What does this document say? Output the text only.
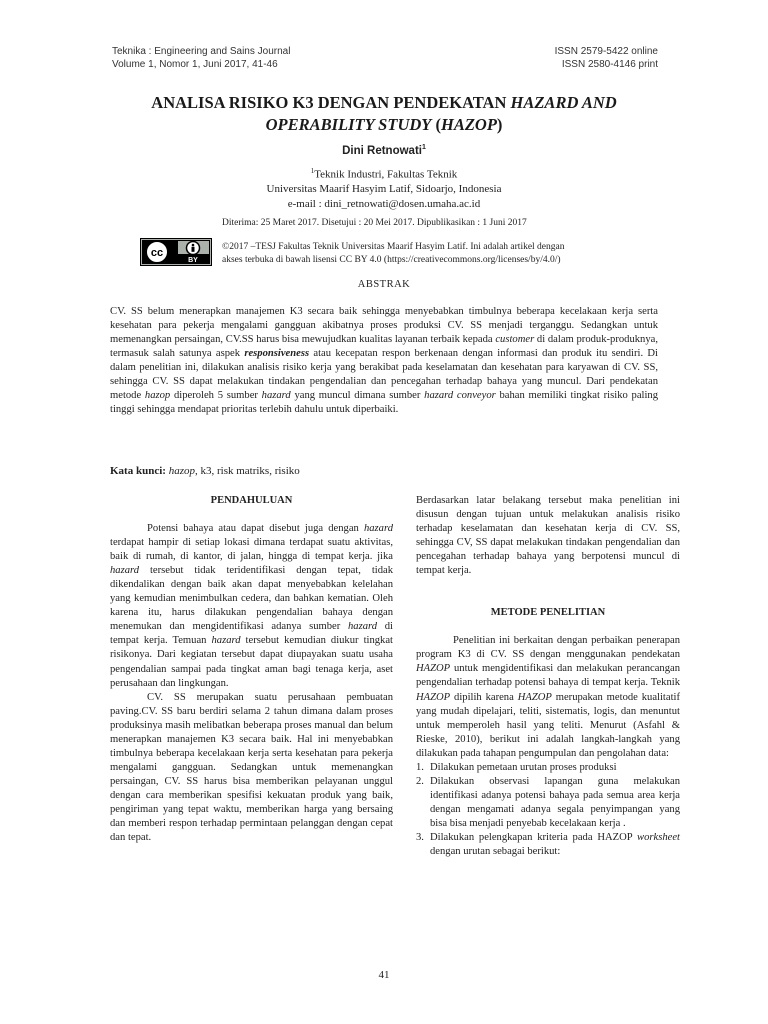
Teknika : Engineering and Sains Journal
Volume 1, Nomor 1, Juni 2017, 41-46
ISSN 2579-5422 online
ISSN 2580-4146 print
ANALISA RISIKO K3 DENGAN PENDEKATAN HAZARD AND
OPERABILITY STUDY (HAZOP)
Dini Retnowati$^1$
$^1$Teknik Industri, Fakultas Teknik
Universitas Maarif Hasyim Latif, Sidoarjo, Indonesia
e-mail : dini_retnowati@dosen.umaha.ac.id
Diterima: 25 Maret 2017. Disetujui : 20 Mei 2017. Dipublikasikan : 1 Juni 2017
cc
BY
©2017 –TESJ Fakultas Teknik Universitas Maarif Hasyim Latif. Ini adalah artikel dengan
akses terbuka di bawah lisensi CC BY 4.0 (https://creativecommons.org/licenses/by/4.0/)
ABSTRAK
CV. SS belum menerapkan manajemen K3 secara baik sehingga menyebabkan timbulnya beberapa kecelakaan kerja serta kesehatan para pekerja mengalami gangguan akibatnya proses produksi CV. SS menjadi terganggu. Sedangkan untuk memenangkan persaingan, CV.SS harus bisa mewujudkan kualitas layanan terbaik kepada customer di dalam produk-produknya, termasuk salah satunya aspek responsiveness atau kecepatan respon berkenaan dengan informasi dan produk itu sendiri. Di dalam penelitian ini, dilakukan analisis risiko kerja yang berakibat pada keselamatan dan kesehatan para karyawan di CV. SS, sehingga CV. SS dapat melakukan tindakan pengendalian dan pencegahan terhadap bahaya yang muncul. Dari pendekatan metode hazop diperoleh 5 sumber hazard yang muncul dimana sumber hazard conveyor bahan memiliki tingkat risiko paling tinggi sehingga mendapat prioritas terlebih dahulu untuk diperbaiki.
Kata kunci: hazop, k3, risk matriks, risiko

PENDAHULUAN

Potensi bahaya atau dapat disebut juga dengan hazard terdapat hampir di setiap lokasi dimana terdapat suatu aktivitas, baik di rumah, di kantor, di jalan, hingga di tempat kerja. jika hazard tersebut tidak teridentifikasi dengan tepat, tidak dikendalikan dengan baik akan dapat menyebabkan kelelahan yang kemudian menimbulkan cedera, dan bahkan kematian. Oleh karena itu, harus dilakukan pengendalian bahaya dengan menemukan dan mengidentifikasi adanya sumber hazard di tempat kerja. Temuan hazard tersebut kemudian diukur tingkat risikonya. Dari kegiatan tersebut dapat diupayakan suatu usaha pengendalian sampai pada tingkat aman bagi tenaga kerja, aset perusahaan dan lingkungan.

CV. SS merupakan suatu perusahaan pembuatan paving.CV. SS baru berdiri selama 2 tahun dimana dalam proses produksinya masih melibatkan beberapa proses manual dan belum menerapkan manajemen K3 secara baik. Hal ini menyebabkan timbulnya beberapa kecelakaan kerja serta kesehatan para pekerja mengalami gangguan. Sedangkan untuk memenangkan persaingan, CV. SS harus bisa memberikan pelayanan unggul dengan cara memberikan spesifisi kekuatan produk yang baik, pengiriman yang tepat waktu, memberikan harga yang bersaing dan memberi respon terhadap permintaan pelanggan dengan cepat dan tepat.

Berdasarkan latar belakang tersebut maka penelitian ini disusun dengan tujuan untuk melakukan analisis risiko terhadap keselamatan dan kesehatan kerja di CV. SS, sehingga CV, SS dapat melakukan tindakan pengendalian dan pencegahan terhadap bahaya yang berpotensi muncul di tempat kerja.

METODE PENELITIAN

Penelitian ini berkaitan dengan perbaikan penerapan program K3 di CV. SS dengan menggunakan pendekatan HAZOP untuk mengidentifikasi dan melakukan perancangan pengendalian terhadap potensi bahaya di tempat kerja. Teknik HAZOP dipilih karena HAZOP merupakan metode kualitatif yang mudah dipelajari, teliti, sistematis, logis, dan menuntut untuk memperoleh hasil yang teliti. Menurut (Asfahl & Rieske, 2010), berikut ini adalah langkah-langkah yang dilakukan pada tahapan pengumpulan dan pengolahan data:

1. Dilakukan pemetaan urutan proses produksi
2. Dilakukan observasi lapangan guna melakukan identifikasi adanya potensi bahaya pada semua area kerja dengan mengamati adanya segala penyimpangan yang bisa bisa menjadi penyebab kecelakaan kerja .
3. Dilakukan pelengkapan kriteria pada HAZOP worksheet dengan urutan sebagai berikut:
41
